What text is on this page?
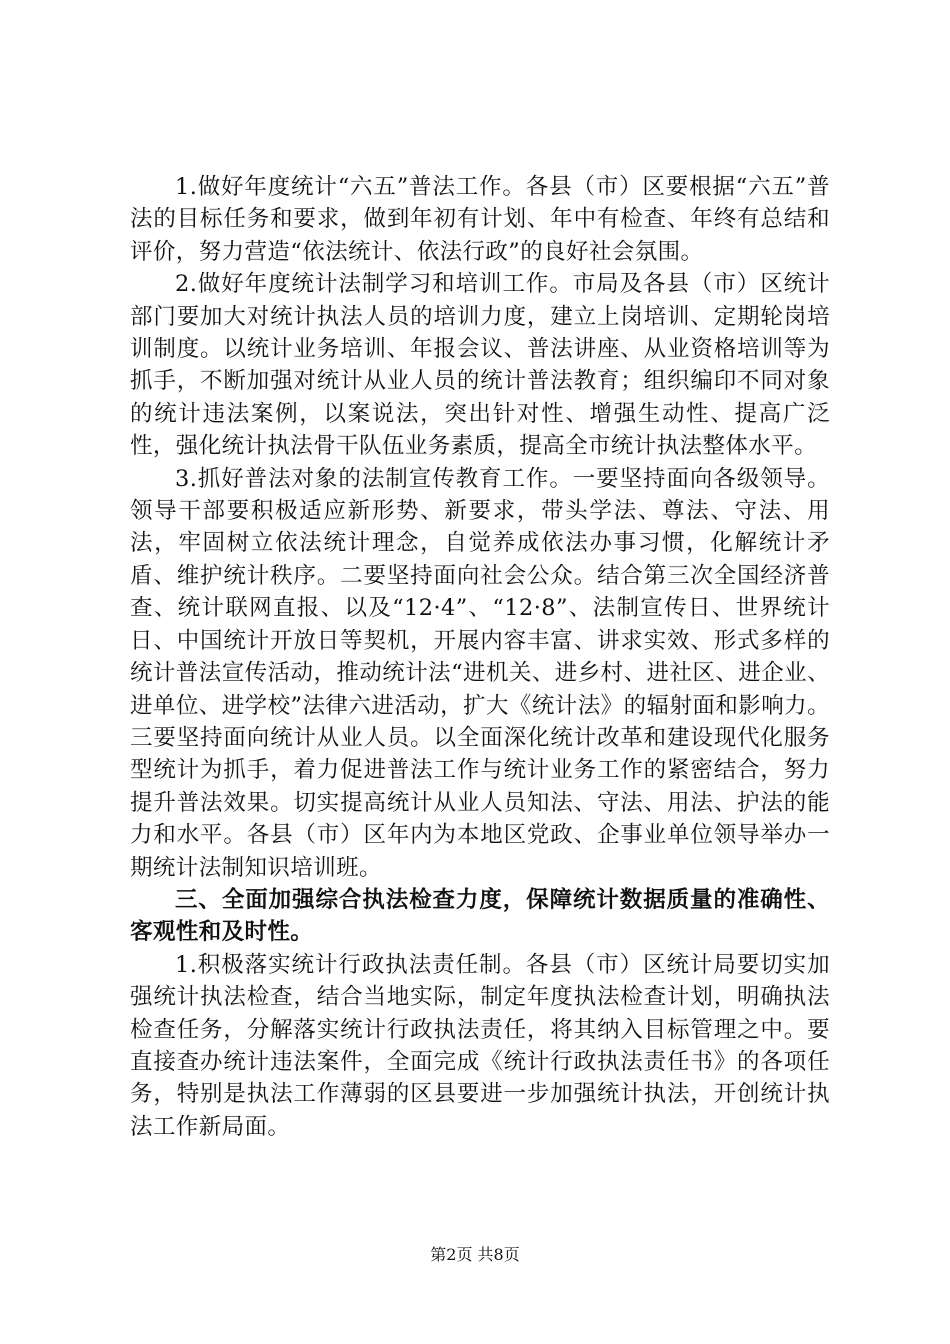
1.做好年度统计“六五”普法工作。各县（市）区要根据“六五”普法的目标任务和要求，做到年初有计划、年中有检查、年终有总结和评价，努力营造“依法统计、依法行政”的良好社会氛围。

2.做好年度统计法制学习和培训工作。市局及各县（市）区统计部门要加大对统计执法人员的培训力度，建立上岗培训、定期轮岗培训制度。以统计业务培训、年报会议、普法讲座、从业资格培训等为抓手，不断加强对统计从业人员的统计普法教育；组织编印不同对象的统计违法案例，以案说法，突出针对性、增强生动性、提高广泛性，强化统计执法骨干队伍业务素质，提高全市统计执法整体水平。

3.抓好普法对象的法制宣传教育工作。一要坚持面向各级领导。领导干部要积极适应新形势、新要求，带头学法、尊法、守法、用法，牢固树立依法统计理念，自觉养成依法办事习惯，化解统计矛盾、维护统计秩序。二要坚持面向社会公众。结合第三次全国经济普查、统计联网直报、以及“12·4”、“12·8”、法制宣传日、世界统计日、中国统计开放日等契机，开展内容丰富、讲求实效、形式多样的统计普法宣传活动，推动统计法“进机关、进乡村、进社区、进企业、进单位、进学校”法律六进活动，扩大《统计法》的辐射面和影响力。三要坚持面向统计从业人员。以全面深化统计改革和建设现代化服务型统计为抓手，着力促进普法工作与统计业务工作的紧密结合，努力提升普法效果。切实提高统计从业人员知法、守法、用法、护法的能力和水平。各县（市）区年内为本地区党政、企事业单位领导举办一期统计法制知识培训班。

三、全面加强综合执法检查力度，保障统计数据质量的准确性、客观性和及时性。

1.积极落实统计行政执法责任制。各县（市）区统计局要切实加强统计执法检查，结合当地实际，制定年度执法检查计划，明确执法检查任务，分解落实统计行政执法责任，将其纳入目标管理之中。要直接查办统计违法案件，全面完成《统计行政执法责任书》的各项任务，特别是执法工作薄弱的区县要进一步加强统计执法，开创统计执法工作新局面。

第2页 共8页
